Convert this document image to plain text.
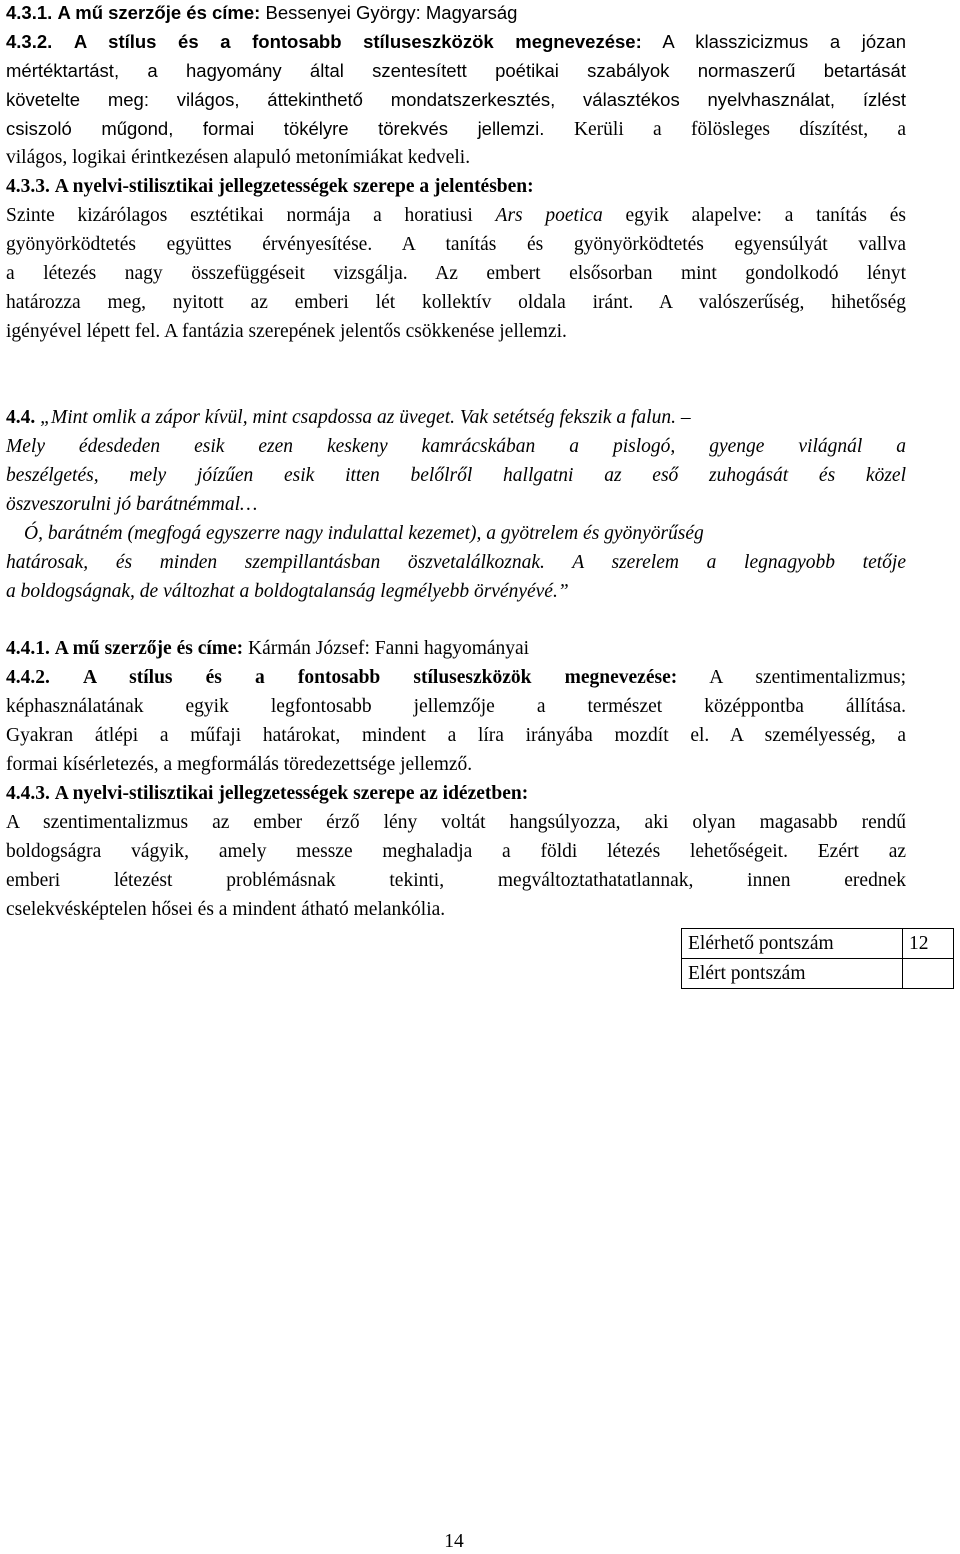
4.3.1. A mű szerzője és címe: Bessenyei György: Magyarság
4.3.2. A stílus és a fontosabb stíluseszközök megnevezése: A klasszicizmus a józan
mértéktartást, a hagyomány által szentesített poétikai szabályok normaszerű betartását
követelte meg: világos, áttekinthető mondatszerkesztés, választékos nyelvhasználat, ízlést
csiszoló műgond, formai tökélyre törekvés jellemzi. Kerüli a fölösleges díszítést, a
világos, logikai érintkezésen alapuló metonímiákat kedveli.
4.3.3. A nyelvi-stilisztikai jellegzetességek szerepe a jelentésben:
Szinte kizárólagos esztétikai normája a horatiusi Ars poetica egyik alapelve: a tanítás és
gyönyörködtetés együttes érvényesítése. A tanítás és gyönyörködtetés egyensúlyát vallva
a létezés nagy összefüggéseit vizsgálja. Az embert elsősorban mint gondolkodó lényt
határozza meg, nyitott az emberi lét kollektív oldala iránt. A valószerűség, hihetőség
igényével lépett fel. A fantázia szerepének jelentős csökkenése jellemzi.
4.4. „Mint omlik a zápor kívül, mint csapdossa az üveget. Vak setétség fekszik a falun. –
Mely édesdeden esik ezen keskeny kamrácskában a pislogó, gyenge világnál a
beszélgetés, mely jóízűen esik itten belőlről hallgatni az eső zuhogását és közel
öszveszorulni jó barátnémmal…
Ó, barátném (megfogá egyszerre nagy indulattal kezemet), a gyötrelem és gyönyörűség
határosak, és minden szempillantásban öszvetalálkoznak. A szerelem a legnagyobb tetője
a boldogságnak, de változhat a boldogtalanság legmélyebb örvényévé.”
4.4.1. A mű szerzője és címe: Kármán József: Fanni hagyományai
4.4.2. A stílus és a fontosabb stíluseszközök megnevezése: A szentimentalizmus;
képhasználatának egyik legfontosabb jellemzője a természet középpontba állítása.
Gyakran átlépi a műfaji határokat, mindent a líra irányába mozdít el. A személyesség, a
formai kísérletezés, a megformálás töredezettsége jellemző.
4.4.3. A nyelvi-stilisztikai jellegzetességek szerepe az idézetben:
A szentimentalizmus az ember érző lény voltát hangsúlyozza, aki olyan magasabb rendű
boldogságra vágyik, amely messze meghaladja a földi létezés lehetőségeit. Ezért az
emberi létezést problémásnak tekinti, megváltoztathatatlannak, innen erednek
cselekvésképtelen hősei és a mindent átható melankólia.
Elérhető pontszám	12
Elért pontszám	
14
